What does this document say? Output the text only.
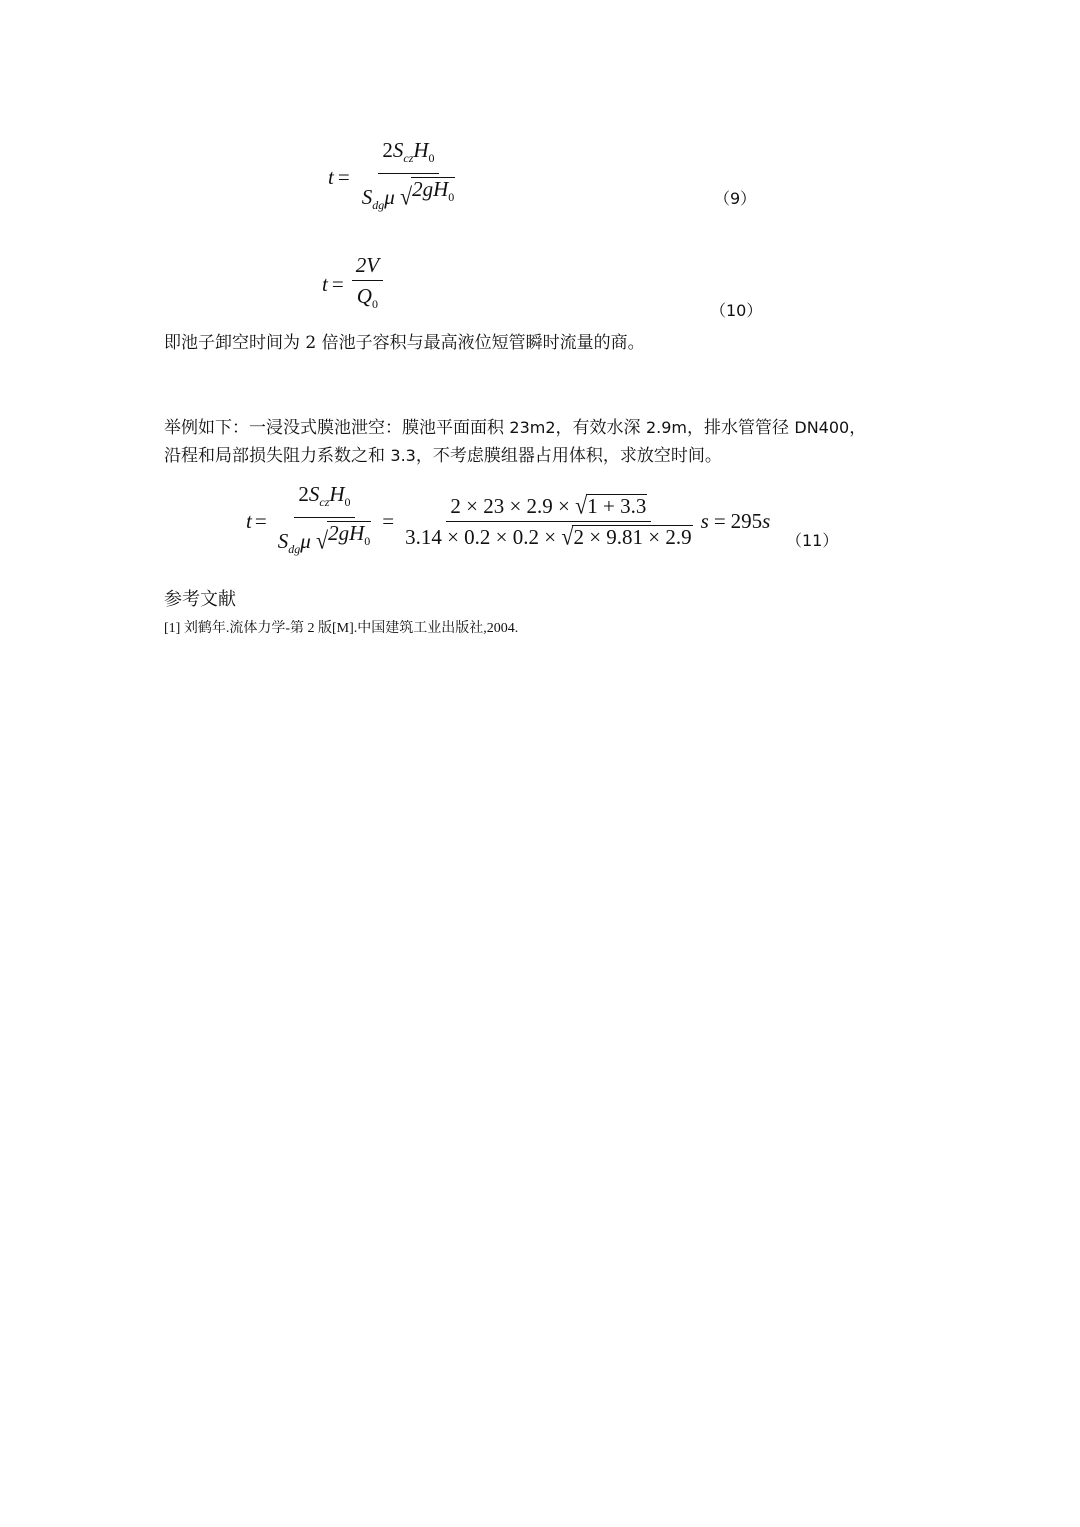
$t = \frac{2S_{cz}H_0}{S_{dg}\mu √ 2gH_0}$	（9）
$t = \frac{2V}{Q_0}$	（10）
即池子卸空时间为 2 倍池子容积与最高液位短管瞬时流量的商。
举例如下：一浸没式膜池泄空：膜池平面面积 23m2，有效水深 2.9m，排水管管径 DN400，
沿程和局部损失阻力系数之和 3.3，不考虑膜组器占用体积，求放空时间。
$t = \frac{2S_{cz}H_0}{S_{dg}\mu √ 2gH_0} = \frac{2 \times 23 \times 2.9 \times √ 1 + 3.3}{3.14 \times 0.2 \times 0.2 \times √ 2 \times 9.81 \times 2.9}$ s = 295 s
（11）
参考文献
[1] 刘鹤年.流体力学-第 2 版[M].中国建筑工业出版社,2004.
